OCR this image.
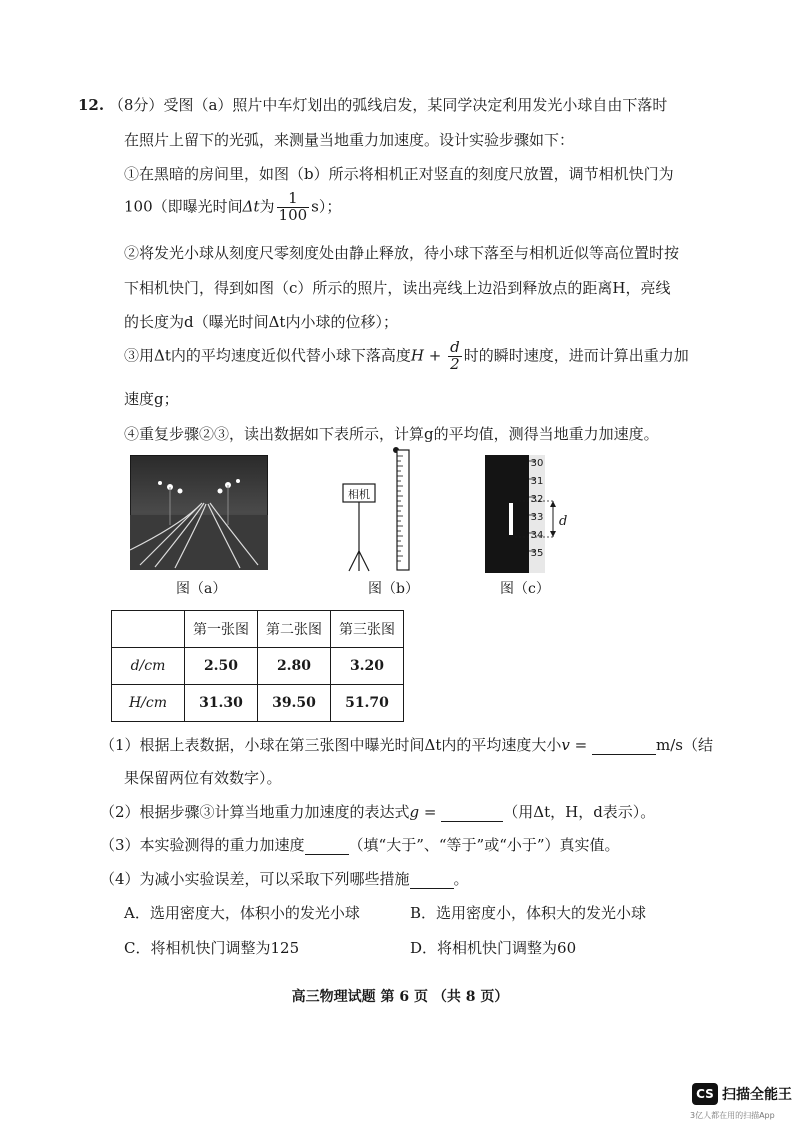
12. （8分）受图（a）照片中车灯划出的弧线启发，某同学决定利用发光小球自由下落时
在照片上留下的光弧，来测量当地重力加速度。设计实验步骤如下：
①在黑暗的房间里，如图（b）所示将相机正对竖直的刻度尺放置，调节相机快门为
100（即曝光时间Δt为 $\frac{1}{100} s$）；
②将发光小球从刻度尺零刻度处由静止释放，待小球下落至与相机近似等高位置时按
下相机快门，得到如图（c）所示的照片，读出亮线上边沿到释放点的距离H，亮线
的长度为d（曝光时间Δt内小球的位移）；
③用Δt内的平均速度近似代替小球下落高度$H + \frac{d}{2}$ 时的瞬时速度，进而计算出重力加
速度g；
④重复步骤②③，读出数据如下表所示，计算g的平均值，测得当地重力加速度。
图（a）
相机
图（b）
30
31
32
33
34
35
d
图（c）
	第一张图	第二张图	第三张图
d/cm	2.50	2.80	3.20
H/cm	31.30	39.50	51.70
（1）根据上表数据，小球在第三张图中曝光时间Δt内的平均速度大小v =	m/s（结
果保留两位有效数字）。
（2）根据步骤③计算当地重力加速度的表达式g =	（用Δt，H，d表示）。
（3）本实验测得的重力加速度	（填“大于”、“等于”或“小于”）真实值。
（4）为减小实验误差，可以采取下列哪些措施	。
A．选用密度大，体积小的发光小球	B．选用密度小，体积大的发光小球
C．将相机快门调整为125	D．将相机快门调整为60
高三物理试题 第 6 页 （共 8 页）
CS 扫描全能王
3亿人都在用的扫描App
